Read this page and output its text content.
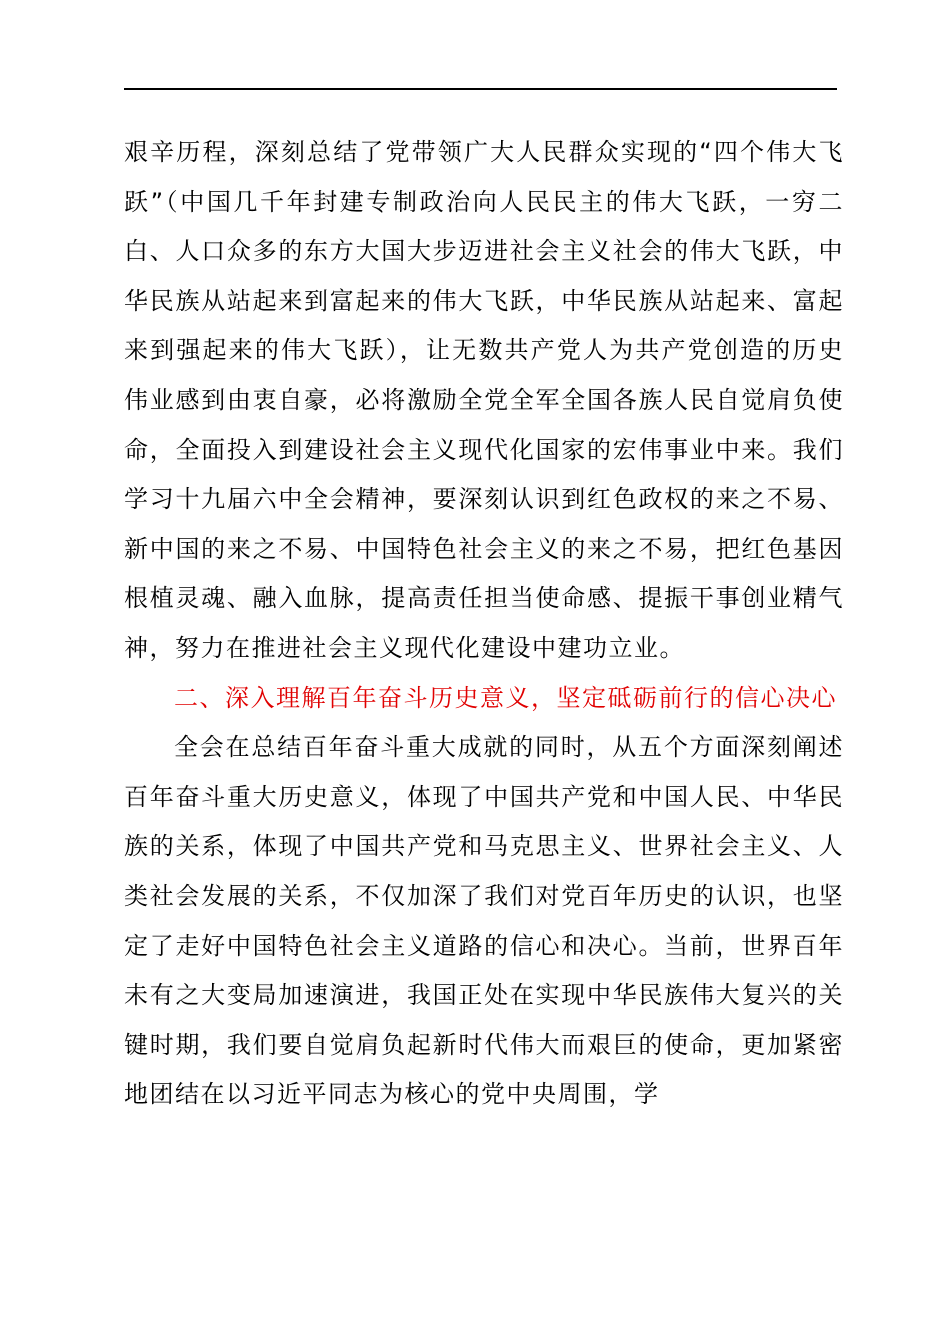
艰辛历程，深刻总结了党带领广大人民群众实现的“四个伟大飞跃”（中国几千年封建专制政治向人民民主的伟大飞跃，一穷二白、人口众多的东方大国大步迈进社会主义社会的伟大飞跃，中华民族从站起来到富起来的伟大飞跃，中华民族从站起来、富起来到强起来的伟大飞跃），让无数共产党人为共产党创造的历史伟业感到由衷自豪，必将激励全党全军全国各族人民自觉肩负使命，全面投入到建设社会主义现代化国家的宏伟事业中来。我们学习十九届六中全会精神，要深刻认识到红色政权的来之不易、新中国的来之不易、中国特色社会主义的来之不易，把红色基因根植灵魂、融入血脉，提高责任担当使命感、提振干事创业精气神，努力在推进社会主义现代化建设中建功立业。

二、深入理解百年奋斗历史意义，坚定砥砺前行的信心决心

全会在总结百年奋斗重大成就的同时，从五个方面深刻阐述百年奋斗重大历史意义，体现了中国共产党和中国人民、中华民族的关系，体现了中国共产党和马克思主义、世界社会主义、人类社会发展的关系，不仅加深了我们对党百年历史的认识，也坚定了走好中国特色社会主义道路的信心和决心。当前，世界百年未有之大变局加速演进，我国正处在实现中华民族伟大复兴的关键时期，我们要自觉肩负起新时代伟大而艰巨的使命，更加紧密地团结在以习近平同志为核心的党中央周围，学
